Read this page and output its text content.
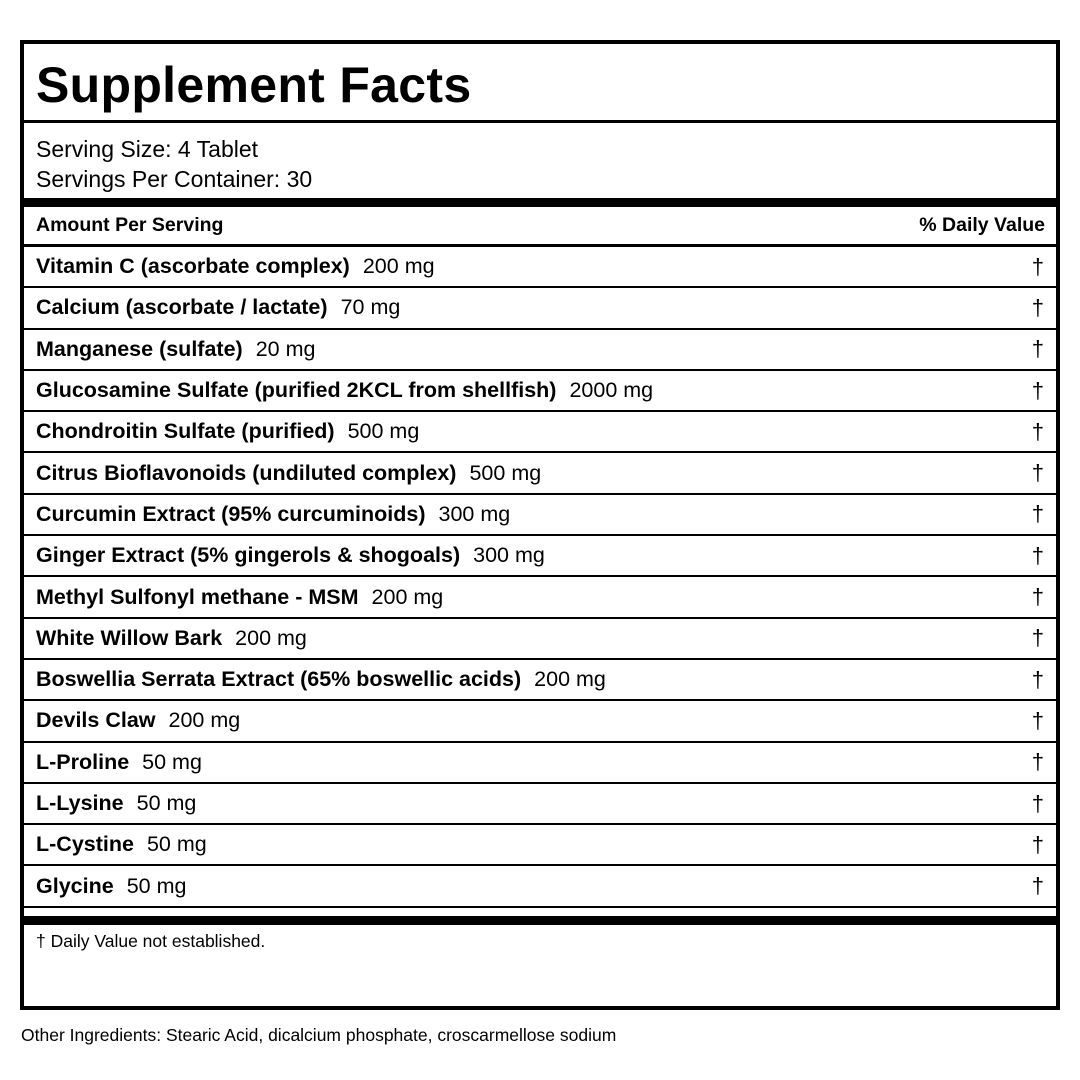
Supplement Facts
Serving Size: 4 Tablet
Servings Per Container: 30
Amount Per Serving	% Daily Value
Vitamin C (ascorbate complex) 200 mg	†
Calcium (ascorbate / lactate) 70 mg	†
Manganese (sulfate) 20 mg	†
Glucosamine Sulfate (purified 2KCL from shellfish) 2000 mg	†
Chondroitin Sulfate (purified) 500 mg	†
Citrus Bioflavonoids (undiluted complex) 500 mg	†
Curcumin Extract (95% curcuminoids) 300 mg	†
Ginger Extract (5% gingerols & shogoals) 300 mg	†
Methyl Sulfonyl methane - MSM 200 mg	†
White Willow Bark 200 mg	†
Boswellia Serrata Extract (65% boswellic acids) 200 mg	†
Devils Claw 200 mg	†
L-Proline 50 mg	†
L-Lysine 50 mg	†
L-Cystine 50 mg	†
Glycine 50 mg	†
† Daily Value not established.
Other Ingredients: Stearic Acid, dicalcium phosphate, croscarmellose sodium
